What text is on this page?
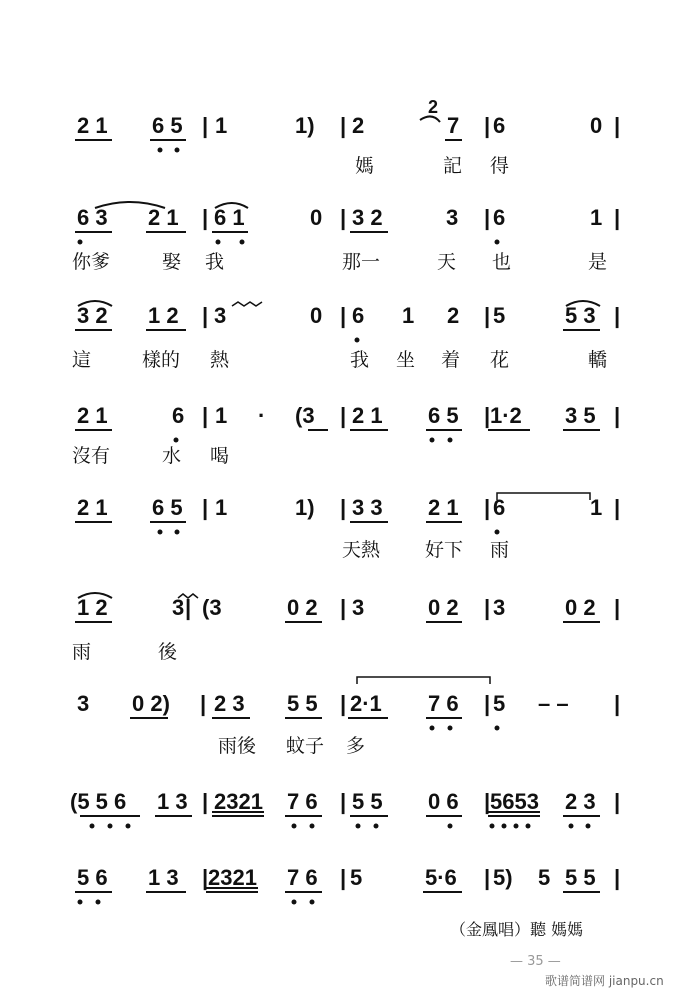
2 1 6 5 | 1	1) | 2	7 | 6	0 |
2
媽	記 得
6 3 2 1 | 6 1	0 | 3 2	3 | 6	1 |
你爹	娶 我	那一	天 也	是
3 2 1 2 | 3	0 | 6 1 2 | 5	5 3 |
這	樣的 熱	我 坐 着 花	轎
2 1	6 | 1 · (3 | 2 1 6 5 | 1·2 3 5 |
沒有	水 喝
2 1 6 5 | 1	1) | 3 3 2 1 | 6	1 |
天熱 好下 雨
1 2	3 | (3	0 2 | 3	0 2 | 3	0 2 |
雨	後
3 0 2) | 2 3 5 5 | 2·1 7 6 | 5 – – |
雨後 蚊子 多
(5 5 6 1 3 | 2321 7 6 | 5 5 0 6 | 5653 2 3 |
5 6 1 3 | 2321 7 6 | 5	5·6 | 5) 5 5 5 |
（金鳳唱）聽 媽媽
— 35 —
歌谱简谱网 jianpu.cn
